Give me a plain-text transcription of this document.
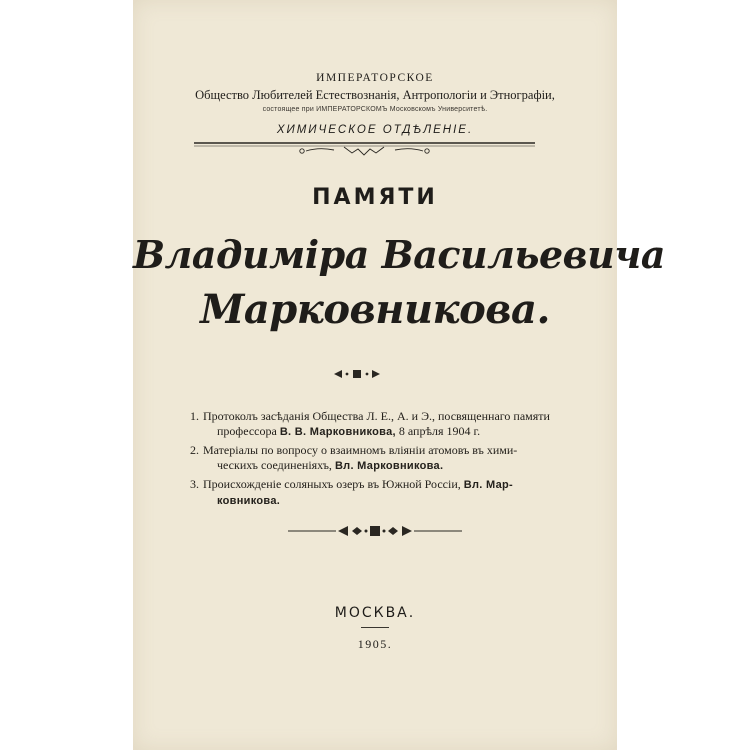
ИМПЕРАТОРСКОЕ
Общество Любителей Естествознанія, Антропологіи и Этнографіи,
состоящее при ИМПЕРАТОРСКОМЪ Московскомъ Университетѣ.
ХИМИЧЕСКОЕ ОТДѢЛЕНІЕ.
ПАМЯТИ
Владиміра Васильевича
Марковникова.
1. Протоколъ засѣданія Общества Л. Е., А. и Э., посвященнаго памяти
профессора В. В. Марковникова, 8 апрѣля 1904 г.
2. Матеріалы по вопросу о взаимномъ вліяніи атомовъ въ хими-
ческихъ соединеніяхъ, Вл. Марковникова.
3. Происхожденіе соляныхъ озеръ въ Южной Россіи, Вл. Мар-
ковникова.
МОСКВА.
1905.
